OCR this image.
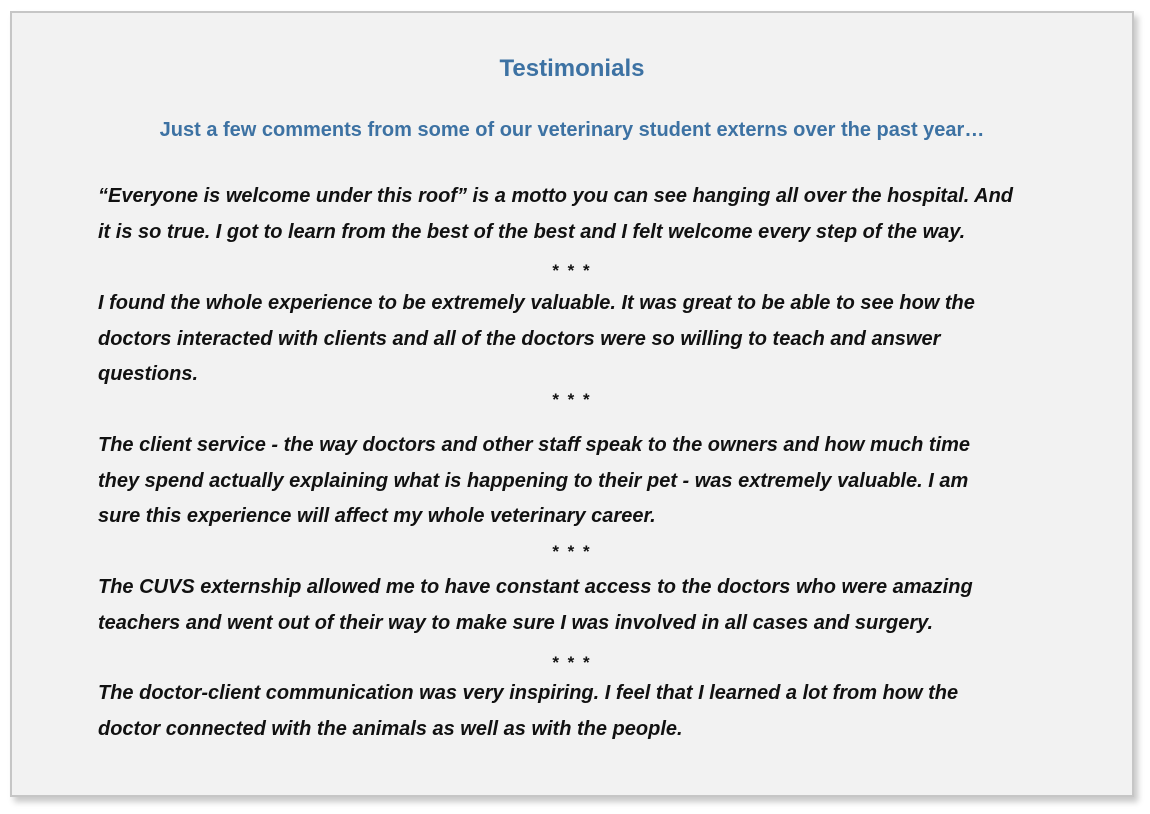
Testimonials
Just a few comments from some of our veterinary student externs over the past year…
“Everyone is welcome under this roof” is a motto you can see hanging all over the hospital. And
it is so true. I got to learn from the best of the best and I felt welcome every step of the way.
* * *
I found the whole experience to be extremely valuable. It was great to be able to see how the
doctors interacted with clients and all of the doctors were so willing to teach and answer
questions.
* * *
The client service - the way doctors and other staff speak to the owners and how much time
they spend actually explaining what is happening to their pet - was extremely valuable. I am
sure this experience will affect my whole veterinary career.
* * *
The CUVS externship allowed me to have constant access to the doctors who were amazing
teachers and went out of their way to make sure I was involved in all cases and surgery.
* * *
The doctor-client communication was very inspiring. I feel that I learned a lot from how the
doctor connected with the animals as well as with the people.
